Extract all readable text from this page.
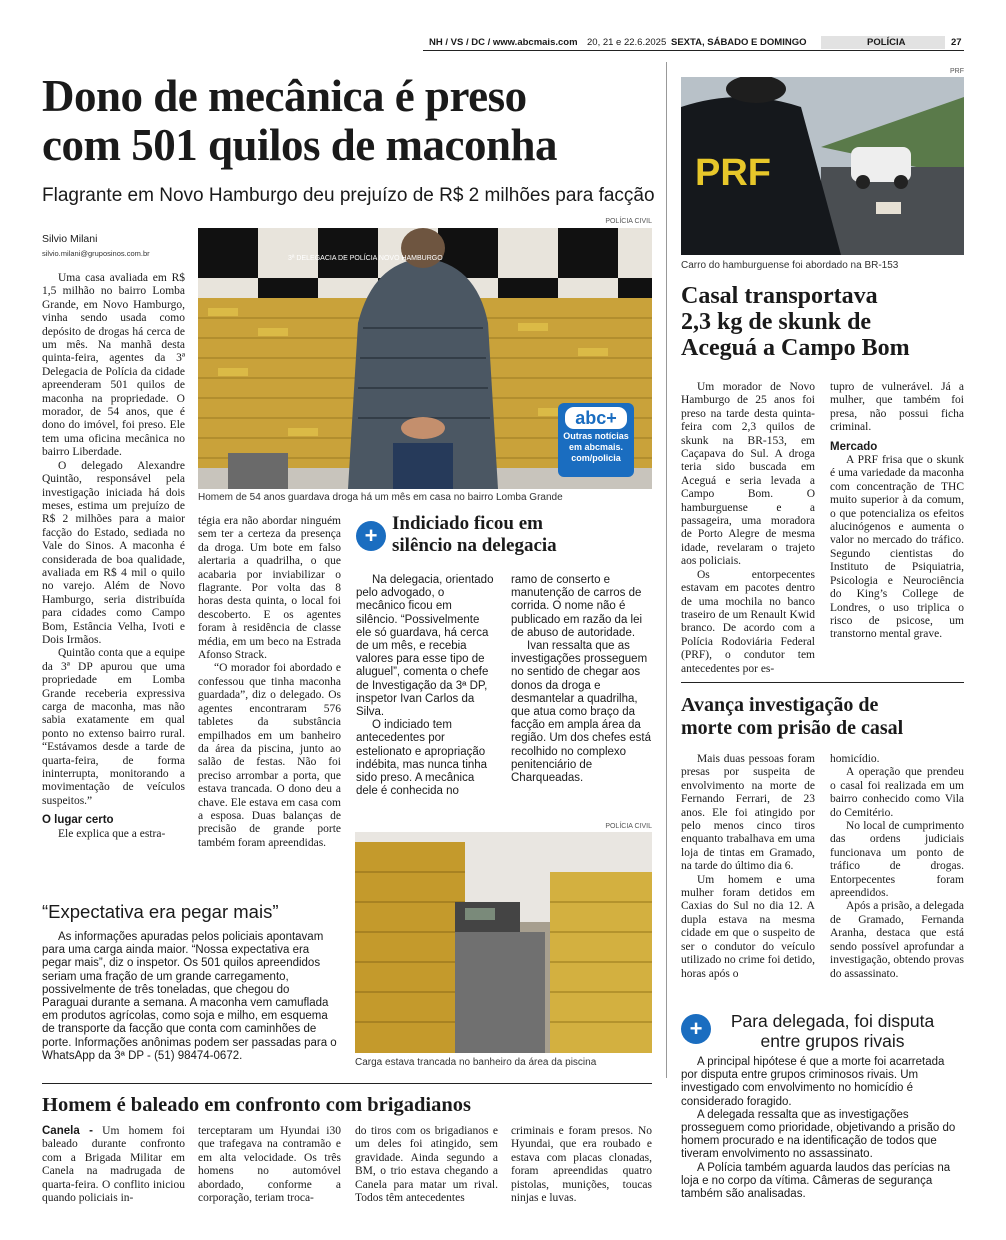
NH / VS / DC / www.abcmais.com 20, 21 e 22.6.2025 SEXTA, SÁBADO E DOMINGO	POLÍCIA	27
Dono de mecânica é preso
com 501 quilos de maconha
Flagrante em Novo Hamburgo deu prejuízo de R$ 2 milhões para facção
Silvio Milani
silvio.milani@gruposinos.com.br
POLÍCIA CIVIL
3ª DELEGACIA DE POLÍCIA NOVO HAMBURGO
abc+
Outras notícias
em abcmais.
com/policia
Homem de 54 anos guardava droga há um mês em casa no bairro Lomba Grande

Uma casa avaliada em R$ 1,5 milhão no bairro Lomba Grande, em Novo Hamburgo, vinha sendo usada como depósito de drogas há cerca de um mês. Na manhã desta quinta-feira, agentes da 3ª Delegacia de Polícia da cidade apreenderam 501 quilos de maconha na propriedade. O morador, de 54 anos, que é dono do imóvel, foi preso. Ele tem uma oficina mecânica no bairro Liberdade.

O delegado Alexandre Quintão, responsável pela investigação iniciada há dois meses, estima um prejuízo de R$ 2 milhões para a maior facção do Estado, sediada no Vale do Sinos. A maconha é considerada de boa qualidade, avaliada em R$ 4 mil o quilo no varejo. Além de Novo Hamburgo, seria distribuída para cidades como Campo Bom, Estância Velha, Ivoti e Dois Irmãos.

Quintão conta que a equipe da 3ª DP apurou que uma propriedade em Lomba Grande receberia expressiva carga de maconha, mas não sabia exatamente em qual ponto no extenso bairro rural. “Estávamos desde a tarde de quarta-feira, de forma ininterrupta, monitorando a movimentação de veículos suspeitos.”

O lugar certo

Ele explica que a estra-

tégia era não abordar ninguém sem ter a certeza da presença da droga. Um bote em falso alertaria a quadrilha, o que acabaria por inviabilizar o flagrante. Por volta das 8 horas desta quinta, o local foi descoberto. E os agentes foram à residência de classe média, em um beco na Estrada Afonso Strack.

“O morador foi abordado e confessou que tinha maconha guardada”, diz o delegado. Os agentes encontraram 576 tabletes da substância empilhados em um banheiro da área da piscina, junto ao salão de festas. Não foi preciso arrombar a porta, que estava trancada. O dono deu a chave. Ele estava em casa com a esposa. Duas balanças de precisão de grande porte também foram apreendidas.

“Expectativa era pegar mais”

As informações apuradas pelos policiais apontavam para uma carga ainda maior. “Nossa expectativa era pegar mais”, diz o inspetor. Os 501 quilos apreendidos seriam uma fração de um grande carregamento, possivelmente de três toneladas, que chegou do Paraguai durante a semana. A maconha vem camuflada em produtos agrícolas, como soja e milho, em esquema de transporte da facção que conta com caminhões de porte. Informações anônimas podem ser passadas para o WhatsApp da 3ª DP - (51) 98474-0672.

+ Indiciado ficou em
silêncio na delegacia

Na delegacia, orientado pelo advogado, o mecânico ficou em silêncio. “Possivelmente ele só guardava, há cerca de um mês, e recebia valores para esse tipo de aluguel”, comenta o chefe de Investigação da 3ª DP, inspetor Ivan Carlos da Silva.

O indiciado tem antecedentes por estelionato e apropriação indébita, mas nunca tinha sido preso. A mecânica dele é conhecida no

ramo de conserto e manutenção de carros de corrida. O nome não é publicado em razão da lei de abuso de autoridade.

Ivan ressalta que as investigações prosseguem no sentido de chegar aos donos da droga e desmantelar a quadrilha, que atua como braço da facção em ampla área da região. Um dos chefes está recolhido no complexo penitenciário de Charqueadas.

POLÍCIA CIVIL
Carga estava trancada no banheiro da área da piscina
PRF
PRF
Carro do hamburguense foi abordado na BR-153
Casal transportava
2,3 kg de skunk de
Aceguá a Campo Bom

Um morador de Novo Hamburgo de 25 anos foi preso na tarde desta quinta-feira com 2,3 quilos de skunk na BR-153, em Caçapava do Sul. A droga teria sido buscada em Aceguá e seria levada a Campo Bom. O hamburguense e a passageira, uma moradora de Porto Alegre de mesma idade, revelaram o trajeto aos policiais.

Os entorpecentes estavam em pacotes dentro de uma mochila no banco traseiro de um Renault Kwid branco. De acordo com a Polícia Rodoviária Federal (PRF), o condutor tem antecedentes por es-

tupro de vulnerável. Já a mulher, que também foi presa, não possui ficha criminal.

Mercado

A PRF frisa que o skunk é uma variedade da maconha com concentração de THC muito superior à da comum, o que potencializa os efeitos alucinógenos e aumenta o valor no mercado do tráfico. Segundo cientistas do Instituto de Psiquiatria, Psicologia e Neurociência do King’s College de Londres, o uso triplica o risco de psicose, um transtorno mental grave.

Avança investigação de
morte com prisão de casal

Mais duas pessoas foram presas por suspeita de envolvimento na morte de Fernando Ferrari, de 23 anos. Ele foi atingido por pelo menos cinco tiros enquanto trabalhava em uma loja de tintas em Gramado, na tarde do último dia 6.

Um homem e uma mulher foram detidos em Caxias do Sul no dia 12. A dupla estava na mesma cidade em que o suspeito de ser o condutor do veículo utilizado no crime foi detido, horas após o

homicídio.

A operação que prendeu o casal foi realizada em um bairro conhecido como Vila do Cemitério.

No local de cumprimento das ordens judiciais funcionava um ponto de tráfico de drogas. Entorpecentes foram apreendidos.

Após a prisão, a delegada de Gramado, Fernanda Aranha, destaca que está sendo possível aprofundar a investigação, obtendo provas do assassinato.

+	Para delegada, foi disputa
entre grupos rivais

A principal hipótese é que a morte foi acarretada por disputa entre grupos criminosos rivais. Um investigado com envolvimento no homicídio é considerado foragido.

A delegada ressalta que as investigações prosseguem como prioridade, objetivando a prisão do homem procurado e na identificação de todos que tiveram envolvimento no assassinato.

A Polícia também aguarda laudos das perícias na loja e no corpo da vítima. Câmeras de segurança também são analisadas.

Homem é baleado em confronto com brigadianos

Canela - Um homem foi baleado durante confronto com a Brigada Militar em Canela na madrugada de quarta-feira. O conflito iniciou quando policiais in-

terceptaram um Hyundai i30 que trafegava na contramão e em alta velocidade. Os três homens no automóvel abordado, conforme a corporação, teriam troca-

do tiros com os brigadianos e um deles foi atingido, sem gravidade. Ainda segundo a BM, o trio estava chegando a Canela para matar um rival. Todos têm antecedentes

criminais e foram presos. No Hyundai, que era roubado e estava com placas clonadas, foram apreendidas quatro pistolas, munições, toucas ninjas e luvas.
